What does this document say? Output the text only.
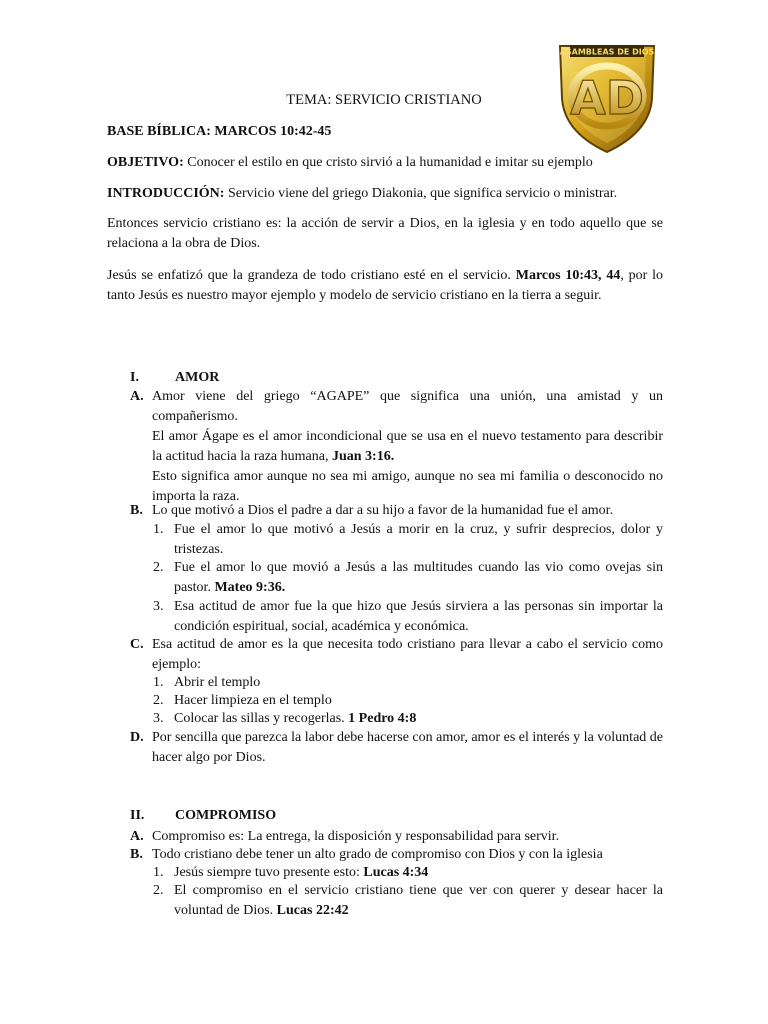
ASAMBLEAS DE DIOS
AD
TEMA: SERVICIO CRISTIANO
BASE BÍBLICA: MARCOS 10:42-45
OBJETIVO: Conocer el estilo en que cristo sirvió a la humanidad e imitar su ejemplo
INTRODUCCIÓN: Servicio viene del griego Diakonia, que significa servicio o ministrar.
Entonces servicio cristiano es: la acción de servir a Dios, en la iglesia y en todo aquello que se relaciona a la obra de Dios.
Jesús se enfatizó que la grandeza de todo cristiano esté en el servicio. Marcos 10:43, 44, por lo tanto Jesús es nuestro mayor ejemplo y modelo de servicio cristiano en la tierra a seguir.
I.	AMOR
A. Amor viene del griego “AGAPE” que significa una unión, una amistad y un compañerismo.
El amor Ágape es el amor incondicional que se usa en el nuevo testamento para describir la actitud hacia la raza humana, Juan 3:16.
Esto significa amor aunque no sea mi amigo, aunque no sea mi familia o desconocido no importa la raza.
B. Lo que motivó a Dios el padre a dar a su hijo a favor de la humanidad fue el amor.
1. Fue el amor lo que motivó a Jesús a morir en la cruz, y sufrir desprecios, dolor y tristezas.
2. Fue el amor lo que movió a Jesús a las multitudes cuando las vio como ovejas sin pastor. Mateo 9:36.
3. Esa actitud de amor fue la que hizo que Jesús sirviera a las personas sin importar la condición espiritual, social, académica y económica.
C. Esa actitud de amor es la que necesita todo cristiano para llevar a cabo el servicio como ejemplo:
1. Abrir el templo
2. Hacer limpieza en el templo
3. Colocar las sillas y recogerlas. 1 Pedro 4:8
D. Por sencilla que parezca la labor debe hacerse con amor, amor es el interés y la voluntad de hacer algo por Dios.
II. COMPROMISO
A. Compromiso es: La entrega, la disposición y responsabilidad para servir.
B. Todo cristiano debe tener un alto grado de compromiso con Dios y con la iglesia
1. Jesús siempre tuvo presente esto: Lucas 4:34
2. El compromiso en el servicio cristiano tiene que ver con querer y desear hacer la voluntad de Dios. Lucas 22:42
